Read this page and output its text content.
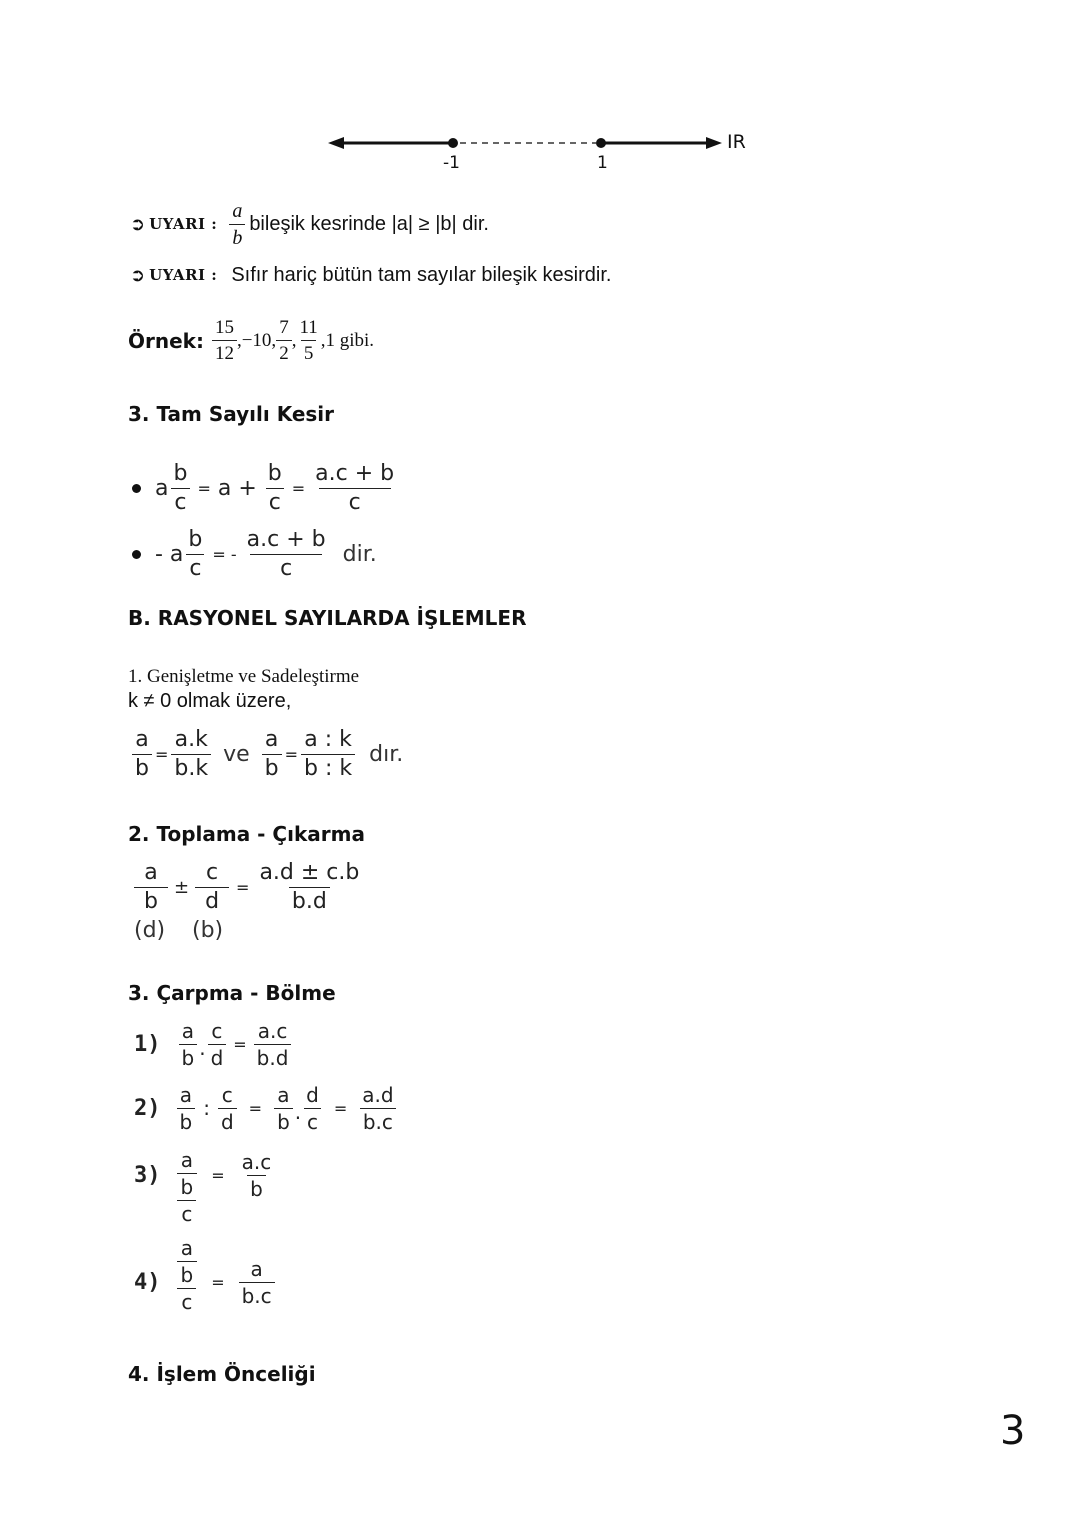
-1	1
IR
➲ UYARI : $\frac{a}{b}$ bileşik kesrinde |a| ≥ |b| dir.
➲ UYARI : Sıfır hariç bütün tam sayılar bileşik kesirdir.
Örnek: $\frac{15}{12} ,-10$, $\frac{7}{2}$ , $\frac{11}{5} ,1$ gibi.
3. Tam Sayılı Kesir
a $\frac{b}{c} = a + \frac{b}{c} = \frac{a.c + b}{c}$
- a $\frac{b}{c}$ = - $\frac{a.c + b}{c}$ dir.
B. RASYONEL SAYILARDA İŞLEMLER
1. Genişletme ve Sadeleştirme
k ≠ 0 olmak üzere,
$\frac{a}{b} = \frac{a.k}{b.k}$ ve $\frac{a}{b} = \frac{a : k}{b : k}$ dır.
2. Toplama - Çıkarma
$\frac{a}{b} \pm \frac{c}{d} = \frac{a.d \pm c.b}{b.d}$
(d) (b)
3. Çarpma - Bölme
$1) \frac{a}{b}$ . $\frac{c}{d} = \frac{a.c}{b.d}$
$2) \frac{a}{b}$ : $\frac{c}{d} = \frac{a}{b}$ . $\frac{d}{c} = \frac{a.d}{b.c}$
3)
a
b
c
= $\frac{a.c}{b}$
4)
a
b
c
= $\frac{a}{b.c}$
4. İşlem Önceliği
3
